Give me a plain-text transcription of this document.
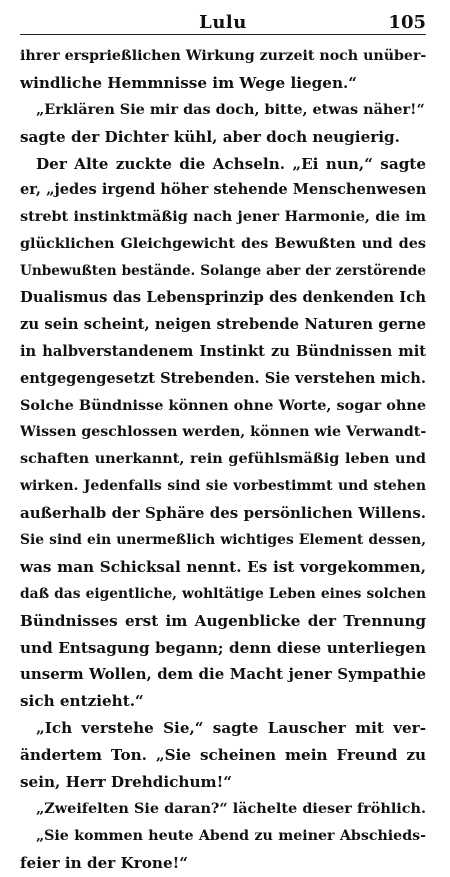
Lulu	105
ihrer ersprießlichen Wirkung zurzeit noch unüber-
windliche Hemmnisse im Wege liegen.“
„Erklären Sie mir das doch, bitte, etwas näher!“
sagte der Dichter kühl, aber doch neugierig.
Der Alte zuckte die Achseln. „Ei nun,“ sagte
er, „jedes irgend höher stehende Menschenwesen
strebt instinktmäßig nach jener Harmonie, die im
glücklichen Gleichgewicht des Bewußten und des
Unbewußten bestände. Solange aber der zerstörende
Dualismus das Lebensprinzip des denkenden Ich
zu sein scheint, neigen strebende Naturen gerne
in halbverstandenem Instinkt zu Bündnissen mit
entgegengesetzt Strebenden. Sie verstehen mich.
Solche Bündnisse können ohne Worte, sogar ohne
Wissen geschlossen werden, können wie Verwandt-
schaften unerkannt, rein gefühlsmäßig leben und
wirken. Jedenfalls sind sie vorbestimmt und stehen
außerhalb der Sphäre des persönlichen Willens.
Sie sind ein unermeßlich wichtiges Element dessen,
was man Schicksal nennt. Es ist vorgekommen,
daß das eigentliche, wohltätige Leben eines solchen
Bündnisses erst im Augenblicke der Trennung
und Entsagung begann; denn diese unterliegen
unserm Wollen, dem die Macht jener Sympathie
sich entzieht.“
„Ich verstehe Sie,“ sagte Lauscher mit ver-
ändertem Ton. „Sie scheinen mein Freund zu
sein, Herr Drehdichum!“
„Zweifelten Sie daran?“ lächelte dieser fröhlich.
„Sie kommen heute Abend zu meiner Abschieds-
feier in der Krone!“
